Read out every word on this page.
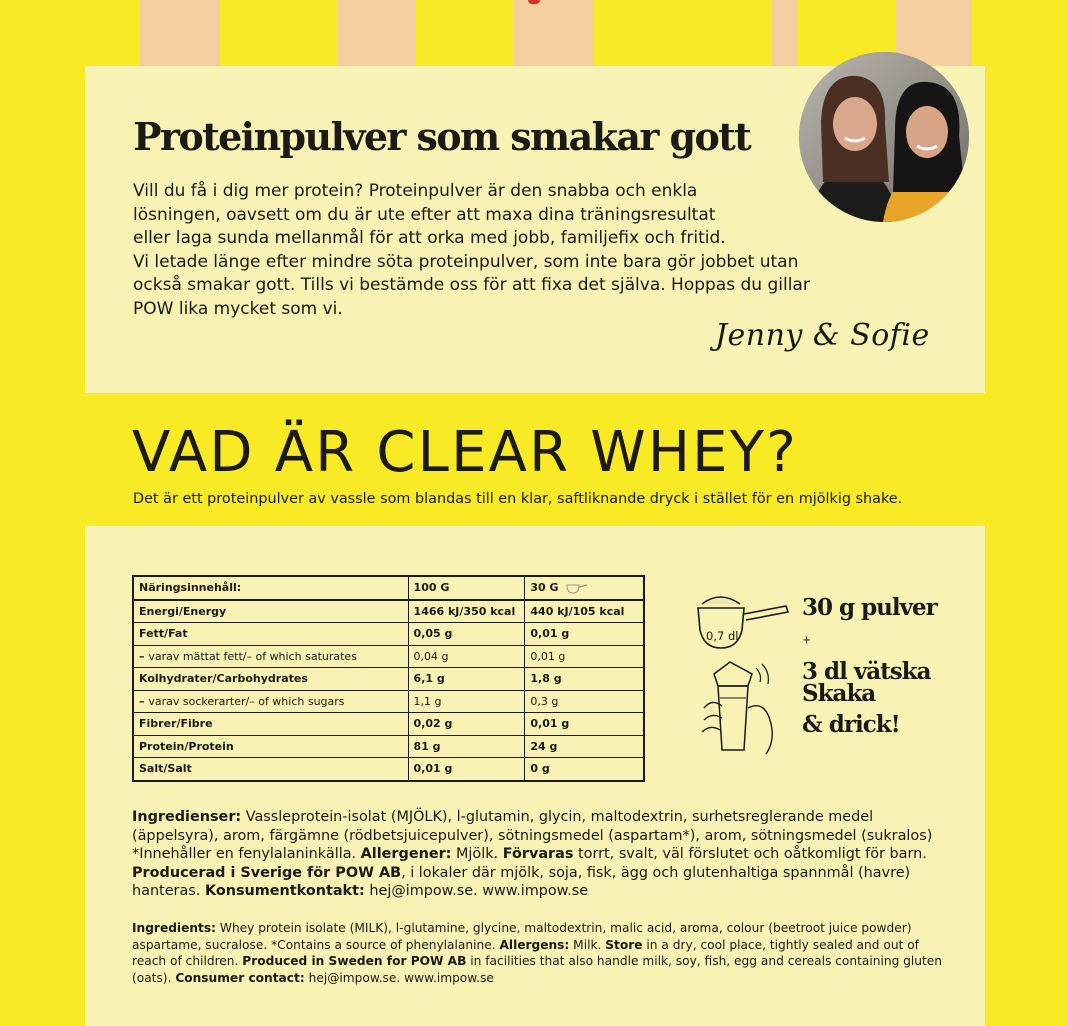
Proteinpulver som smakar gott

Vill du få i dig mer protein? Proteinpulver är den snabba och enkla
lösningen, oavsett om du är ute efter att maxa dina träningsresultat
eller laga sunda mellanmål för att orka med jobb, familjefix och fritid.
Vi letade länge efter mindre söta proteinpulver, som inte bara gör jobbet utan
också smakar gott. Tills vi bestämde oss för att fixa det själva. Hoppas du gillar
POW lika mycket som vi.

Jenny & Sofie
VAD ÄR CLEAR WHEY?

Det är ett proteinpulver av vassle som blandas till en klar, saftliknande dryck i stället för en mjölkig shake.

Näringsinnehåll:	100 G	30 G
Energi/Energy	1466 kJ/350 kcal	440 kJ/105 kcal
Fett/Fat	0,05 g	0,01 g
– varav mättat fett/– of which saturates	0,04 g	0,01 g
Kolhydrater/Carbohydrates	6,1 g	1,8 g
– varav sockerarter/– of which sugars	1,1 g	0,3 g
Fibrer/Fibre	0,02 g	0,01 g
Protein/Protein	81 g	24 g
Salt/Salt	0,01 g	0 g
0,7 dl

30 g pulver +
3 dl vätska

Skaka
& drick!

Ingredienser: Vassleprotein-isolat (MJÖLK), l-glutamin, glycin, maltodextrin, surhetsreglerande medel (äppelsyra), arom, färgämne (rödbetsjuicepulver), sötningsmedel (aspartam*), arom, sötningsmedel (sukralos) *Innehåller en fenylalaninkälla. Allergener: Mjölk. Förvaras torrt, svalt, väl förslutet och oåtkomligt för barn. Producerad i Sverige för POW AB, i lokaler där mjölk, soja, fisk, ägg och glutenhaltiga spannmål (havre) hanteras. Konsumentkontakt: hej@impow.se. www.impow.se

Ingredients: Whey protein isolate (MILK), l-glutamine, glycine, maltodextrin, malic acid, aroma, colour (beetroot juice powder) aspartame, sucralose. *Contains a source of phenylalanine. Allergens: Milk. Store in a dry, cool place, tightly sealed and out of reach of children. Produced in Sweden for POW AB in facilities that also handle milk, soy, fish, egg and cereals containing gluten (oats). Consumer contact: hej@impow.se. www.impow.se
